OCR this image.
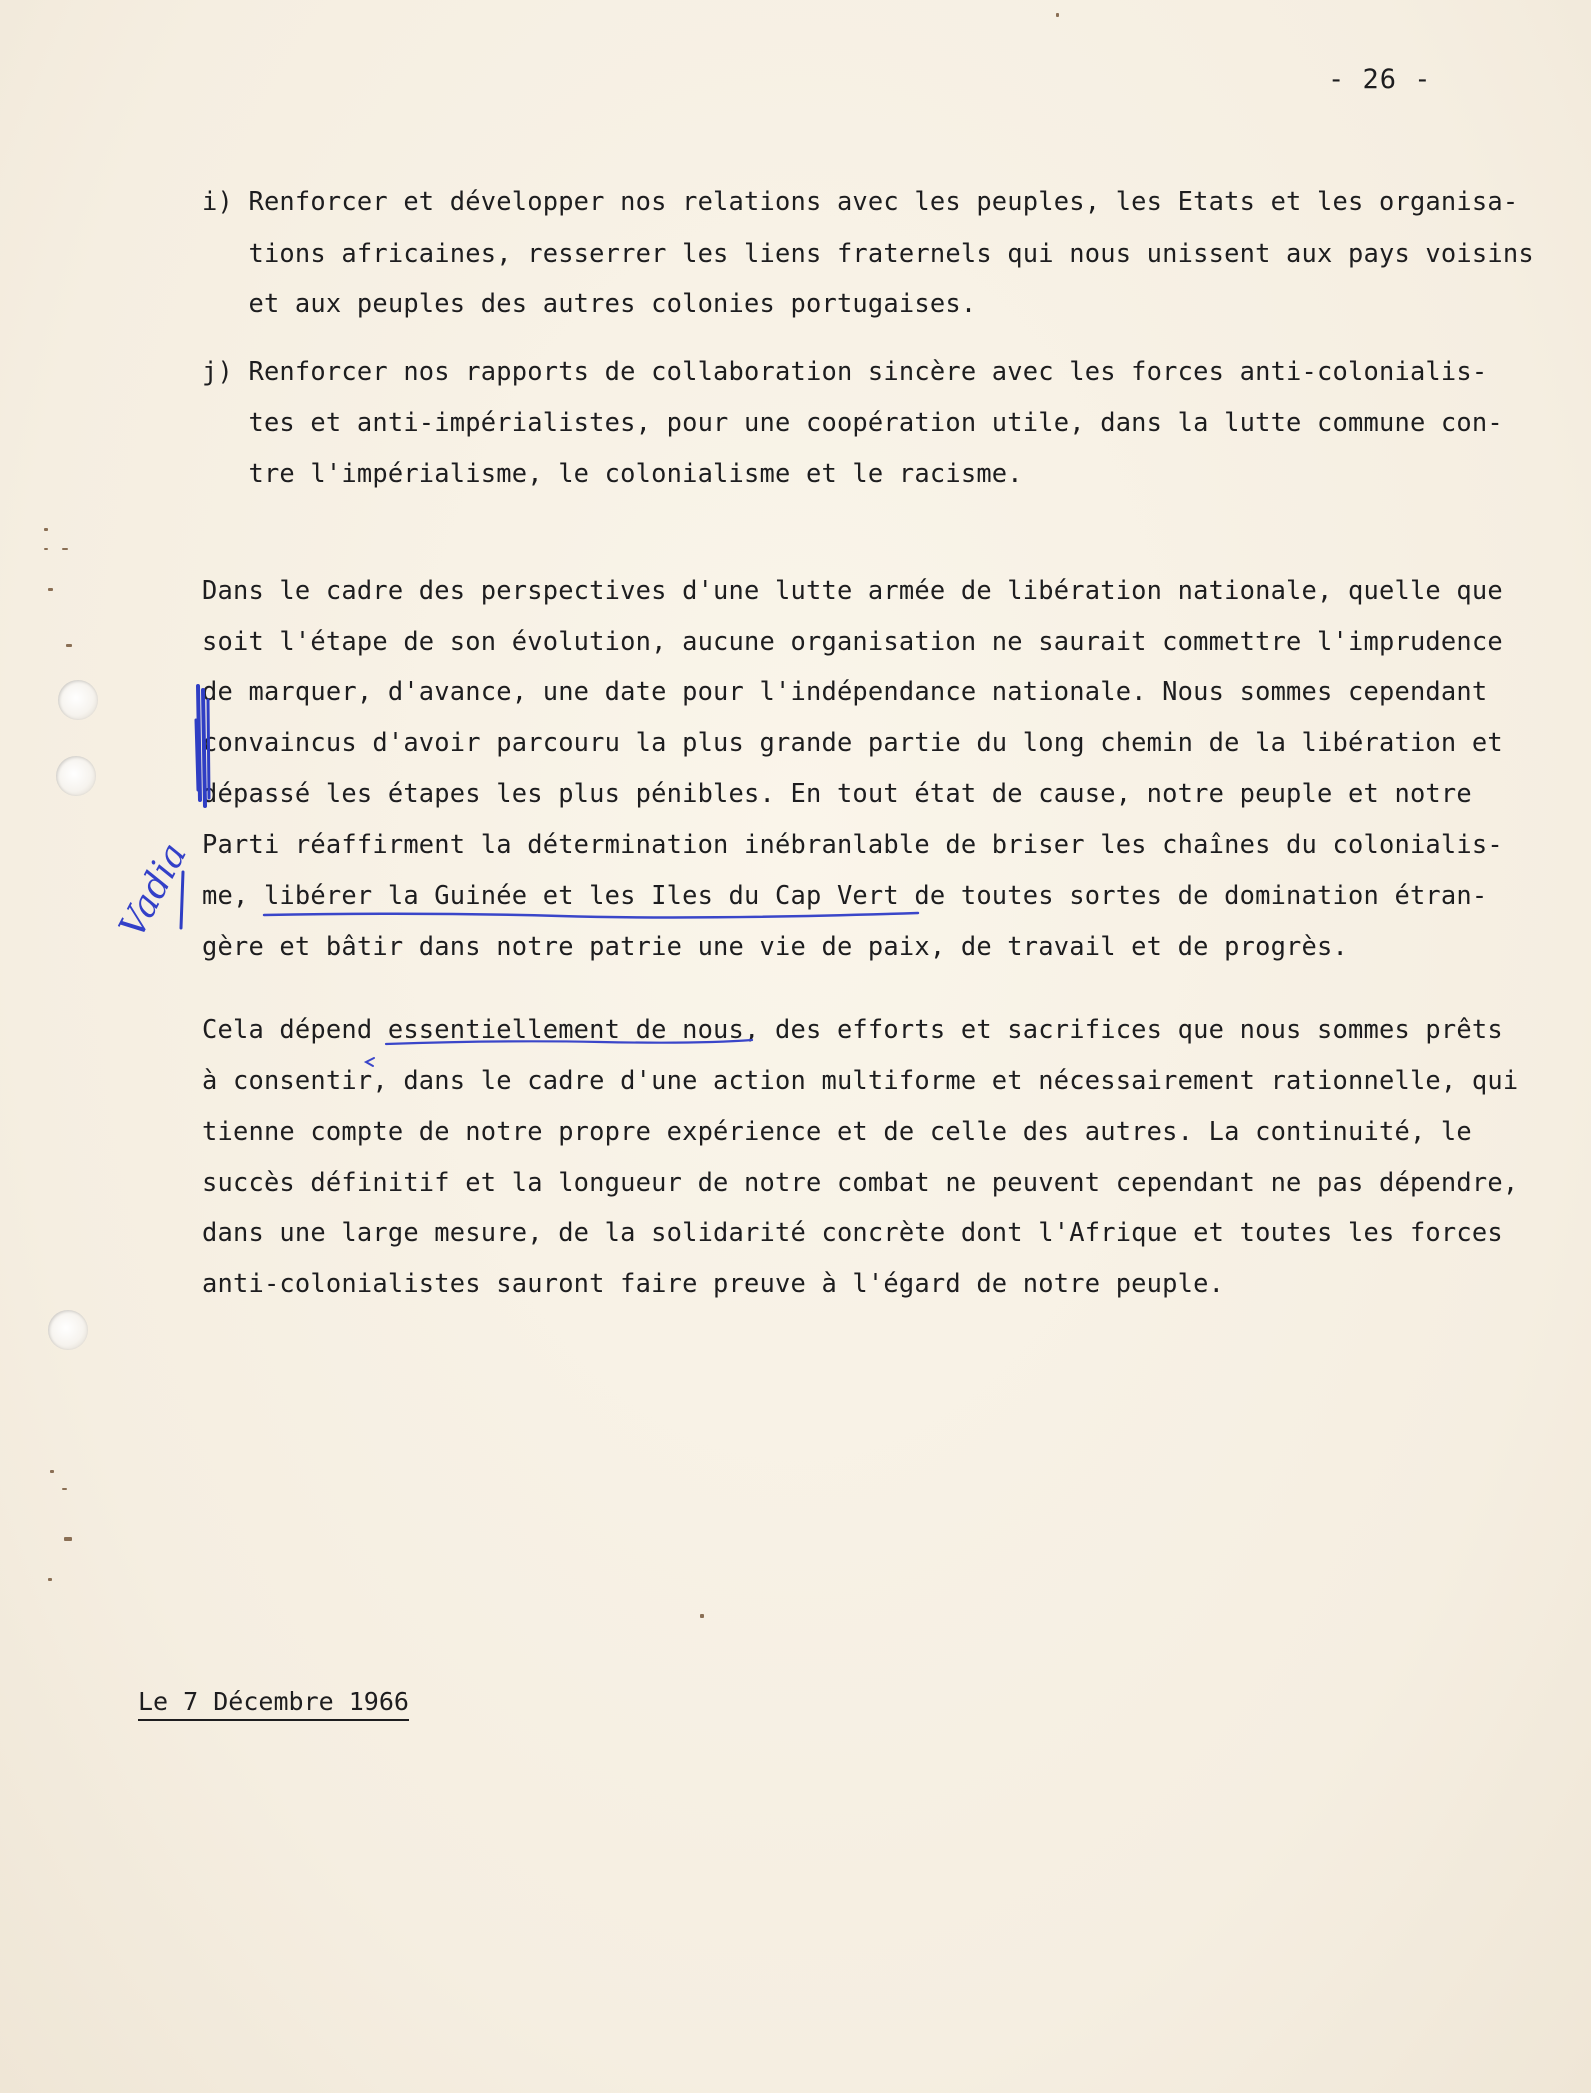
- 26 -
i) Renforcer et développer nos relations avec les peuples, les Etats et les organisa-
tions africaines, resserrer les liens fraternels qui nous unissent aux pays voisins
et aux peuples des autres colonies portugaises.
j) Renforcer nos rapports de collaboration sincère avec les forces anti-colonialis-
tes et anti-impérialistes, pour une coopération utile, dans la lutte commune con-
tre l'impérialisme, le colonialisme et le racisme.
Dans le cadre des perspectives d'une lutte armée de libération nationale, quelle que
soit l'étape de son évolution, aucune organisation ne saurait commettre l'imprudence
de marquer, d'avance, une date pour l'indépendance nationale. Nous sommes cependant
convaincus d'avoir parcouru la plus grande partie du long chemin de la libération et
dépassé les étapes les plus pénibles. En tout état de cause, notre peuple et notre
Parti réaffirment la détermination inébranlable de briser les chaînes du colonialis-
me, libérer la Guinée et les Iles du Cap Vert de toutes sortes de domination étran-
gère et bâtir dans notre patrie une vie de paix, de travail et de progrès.
Cela dépend essentiellement de nous, des efforts et sacrifices que nous sommes prêts
à consentir, dans le cadre d'une action multiforme et nécessairement rationnelle, qui
tienne compte de notre propre expérience et de celle des autres. La continuité, le
succès définitif et la longueur de notre combat ne peuvent cependant ne pas dépendre,
dans une large mesure, de la solidarité concrète dont l'Afrique et toutes les forces
anti-colonialistes sauront faire preuve à l'égard de notre peuple.
Le 7 Décembre 1966
Vadia
